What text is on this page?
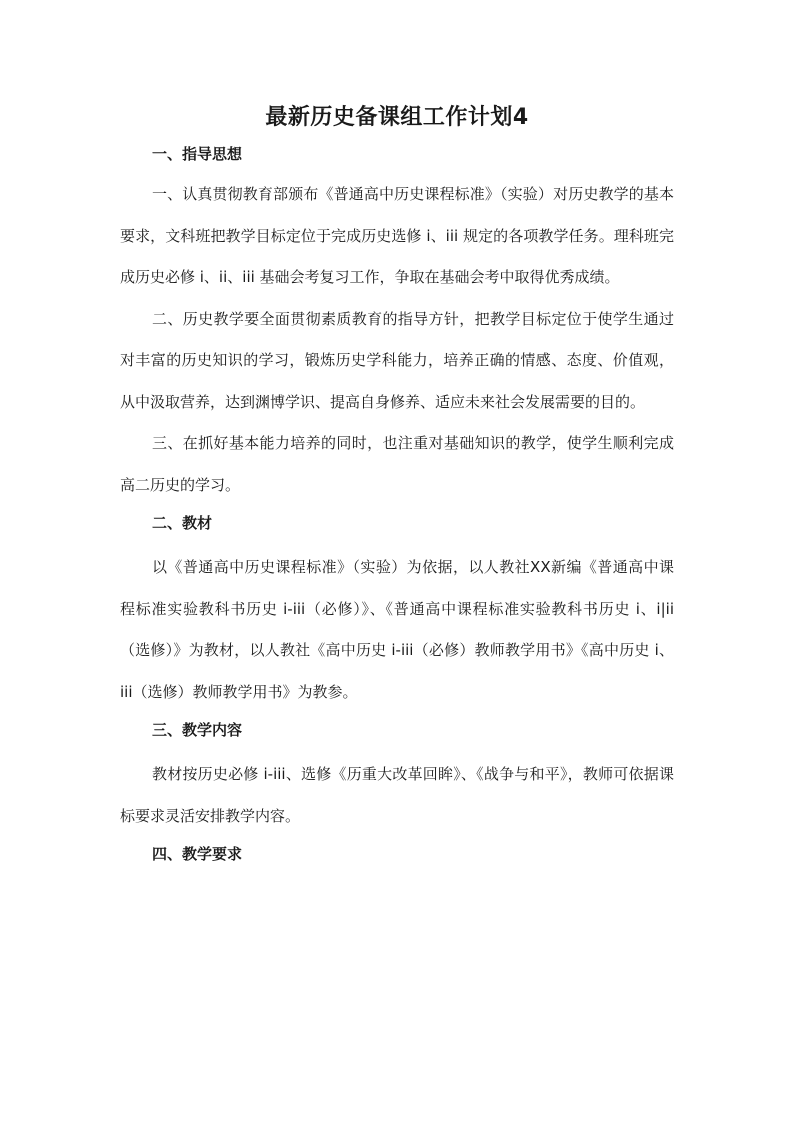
最新历史备课组工作计划4

一、指导思想

一、认真贯彻教育部颁布《普通高中历史课程标准》（实验）对历史教学的基本要求，文科班把教学目标定位于完成历史选修 i、iii 规定的各项教学任务。理科班完成历史必修 i、ii、iii 基础会考复习工作，争取在基础会考中取得优秀成绩。

二、历史教学要全面贯彻素质教育的指导方针，把教学目标定位于使学生通过对丰富的历史知识的学习，锻炼历史学科能力，培养正确的情感、态度、价值观，从中汲取营养，达到渊博学识、提高自身修养、适应未来社会发展需要的目的。

三、在抓好基本能力培养的同时，也注重对基础知识的教学，使学生顺利完成高二历史的学习。

二、教材

以《普通高中历史课程标准》（实验）为依据，以人教社XX新编《普通高中课程标准实验教科书历史 i-iii（必修）》、《普通高中课程标准实验教科书历史 i、i|ii（选修）》为教材，以人教社《高中历史 i-iii（必修）教师教学用书》《高中历史 i、iii（选修）教师教学用书》为教参。

三、教学内容

教材按历史必修 i-iii、选修《历重大改革回眸》、《战争与和平》，教师可依据课标要求灵活安排教学内容。

四、教学要求
